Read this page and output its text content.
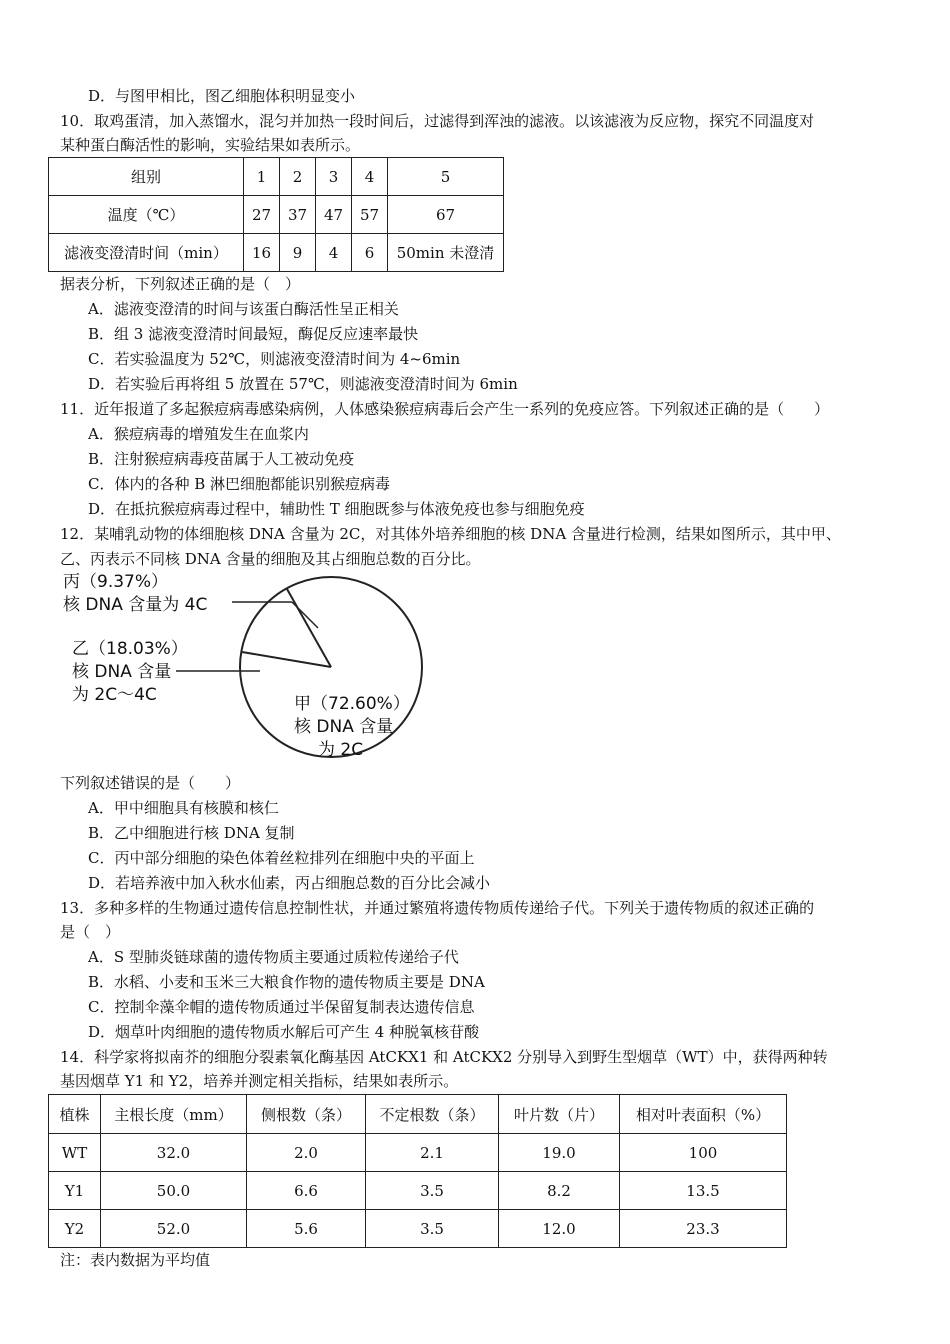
D．与图甲相比，图乙细胞体积明显变小
10．取鸡蛋清，加入蒸馏水，混匀并加热一段时间后，过滤得到浑浊的滤液。以该滤液为反应物，探究不同温度对
某种蛋白酶活性的影响，实验结果如表所示。
组别	1	2	3	4	5
温度（℃）	27	37	47	57	67
滤液变澄清时间（min）	16	9	4	6	50min 未澄清
据表分析，下列叙述正确的是（　）
A．滤液变澄清的时间与该蛋白酶活性呈正相关
B．组 3 滤液变澄清时间最短，酶促反应速率最快
C．若实验温度为 52℃，则滤液变澄清时间为 4~6min
D．若实验后再将组 5 放置在 57℃，则滤液变澄清时间为 6min
11．近年报道了多起猴痘病毒感染病例，人体感染猴痘病毒后会产生一系列的免疫应答。下列叙述正确的是（　　）
A．猴痘病毒的增殖发生在血浆内
B．注射猴痘病毒疫苗属于人工被动免疫
C．体内的各种 B 淋巴细胞都能识别猴痘病毒
D．在抵抗猴痘病毒过程中，辅助性 T 细胞既参与体液免疫也参与细胞免疫
12．某哺乳动物的体细胞核 DNA 含量为 2C，对其体外培养细胞的核 DNA 含量进行检测，结果如图所示，其中甲、
乙、丙表示不同核 DNA 含量的细胞及其占细胞总数的百分比。
丙（9.37%）
核 DNA 含量为 4C
乙（18.03%）
核 DNA 含量
为 2C～4C	甲（72.60%）
核 DNA 含量
为 2C
下列叙述错误的是（　　）
A．甲中细胞具有核膜和核仁
B．乙中细胞进行核 DNA 复制
C．丙中部分细胞的染色体着丝粒排列在细胞中央的平面上
D．若培养液中加入秋水仙素，丙占细胞总数的百分比会减小
13．多种多样的生物通过遗传信息控制性状，并通过繁殖将遗传物质传递给子代。下列关于遗传物质的叙述正确的
是（　）
A．S 型肺炎链球菌的遗传物质主要通过质粒传递给子代
B．水稻、小麦和玉米三大粮食作物的遗传物质主要是 DNA
C．控制伞藻伞帽的遗传物质通过半保留复制表达遗传信息
D．烟草叶肉细胞的遗传物质水解后可产生 4 种脱氧核苷酸
14．科学家将拟南芥的细胞分裂素氧化酶基因 AtCKX1 和 AtCKX2 分别导入到野生型烟草（WT）中，获得两种转
基因烟草 Y1 和 Y2，培养并测定相关指标，结果如表所示。
植株	主根长度（mm）	侧根数（条）	不定根数（条）	叶片数（片）	相对叶表面积（%）
WT	32.0	2.0	2.1	19.0	100
Y1	50.0	6.6	3.5	8.2	13.5
Y2	52.0	5.6	3.5	12.0	23.3
注：表内数据为平均值
